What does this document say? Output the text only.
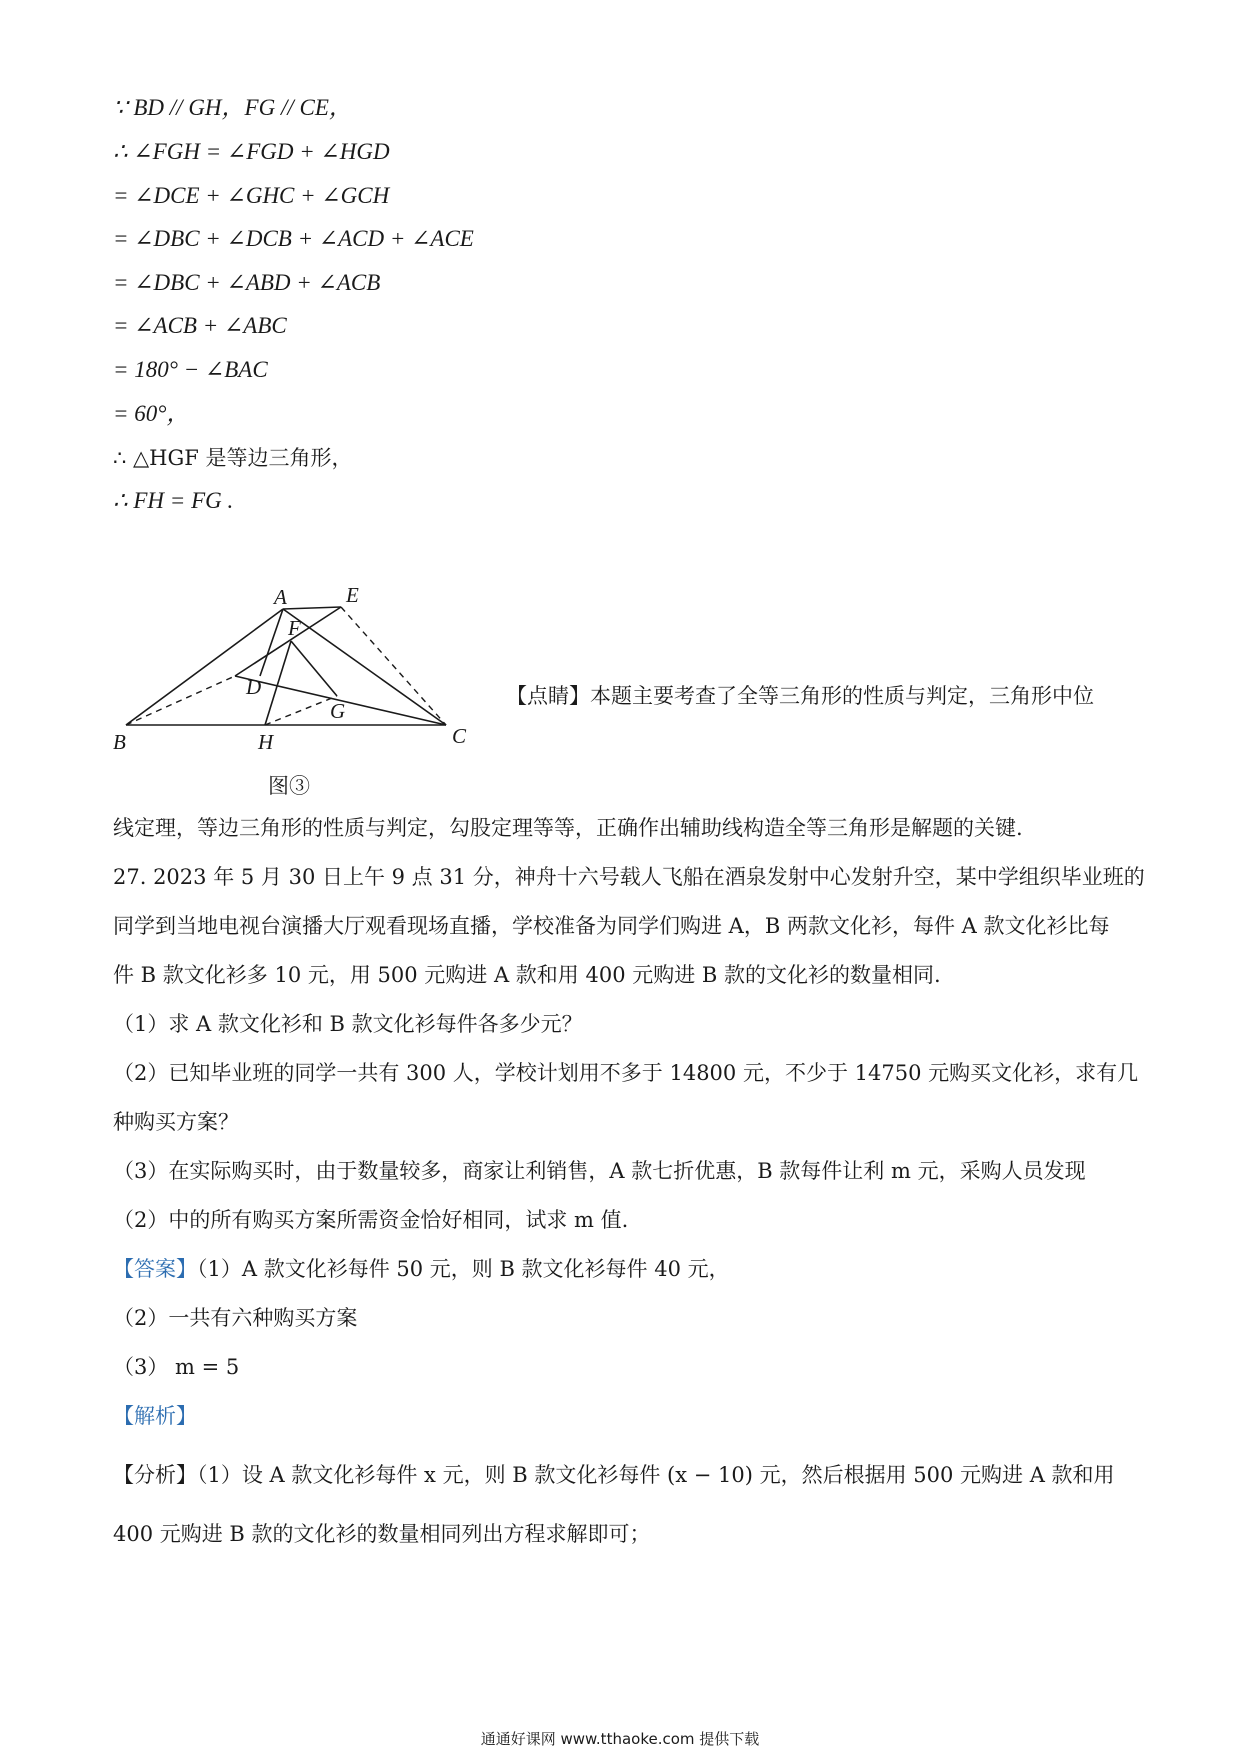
∵ BD // GH，FG // CE，
∴ ∠FGH = ∠FGD + ∠HGD
= ∠DCE + ∠GHC + ∠GCH
= ∠DBC + ∠DCB + ∠ACD + ∠ACE
= ∠DBC + ∠ABD + ∠ACB
= ∠ACB + ∠ABC
= 180° − ∠BAC
= 60°，
∴ △HGF 是等边三角形，
∴ FH = FG .
A	E
F
D
G
B	H	C
图③
【点睛】本题主要考查了全等三角形的性质与判定，三角形中位
线定理，等边三角形的性质与判定，勾股定理等等，正确作出辅助线构造全等三角形是解题的关键.
27. 2023 年 5 月 30 日上午 9 点 31 分，神舟十六号载人飞船在酒泉发射中心发射升空，某中学组织毕业班的
同学到当地电视台演播大厅观看现场直播，学校准备为同学们购进 A，B 两款文化衫，每件 A 款文化衫比每
件 B 款文化衫多 10 元，用 500 元购进 A 款和用 400 元购进 B 款的文化衫的数量相同.
（1）求 A 款文化衫和 B 款文化衫每件各多少元？
（2）已知毕业班的同学一共有 300 人，学校计划用不多于 14800 元，不少于 14750 元购买文化衫，求有几
种购买方案？
（3）在实际购买时，由于数量较多，商家让利销售，A 款七折优惠，B 款每件让利 m 元，采购人员发现
（2）中的所有购买方案所需资金恰好相同，试求 m 值.
【答案】（1）A 款文化衫每件 50 元，则 B 款文化衫每件 40 元，
（2）一共有六种购买方案
（3） m = 5
【解析】
【分析】（1）设 A 款文化衫每件 x 元，则 B 款文化衫每件 (x − 10) 元，然后根据用 500 元购进 A 款和用
400 元购进 B 款的文化衫的数量相同列出方程求解即可；
通通好课网 www.tthaoke.com 提供下载
